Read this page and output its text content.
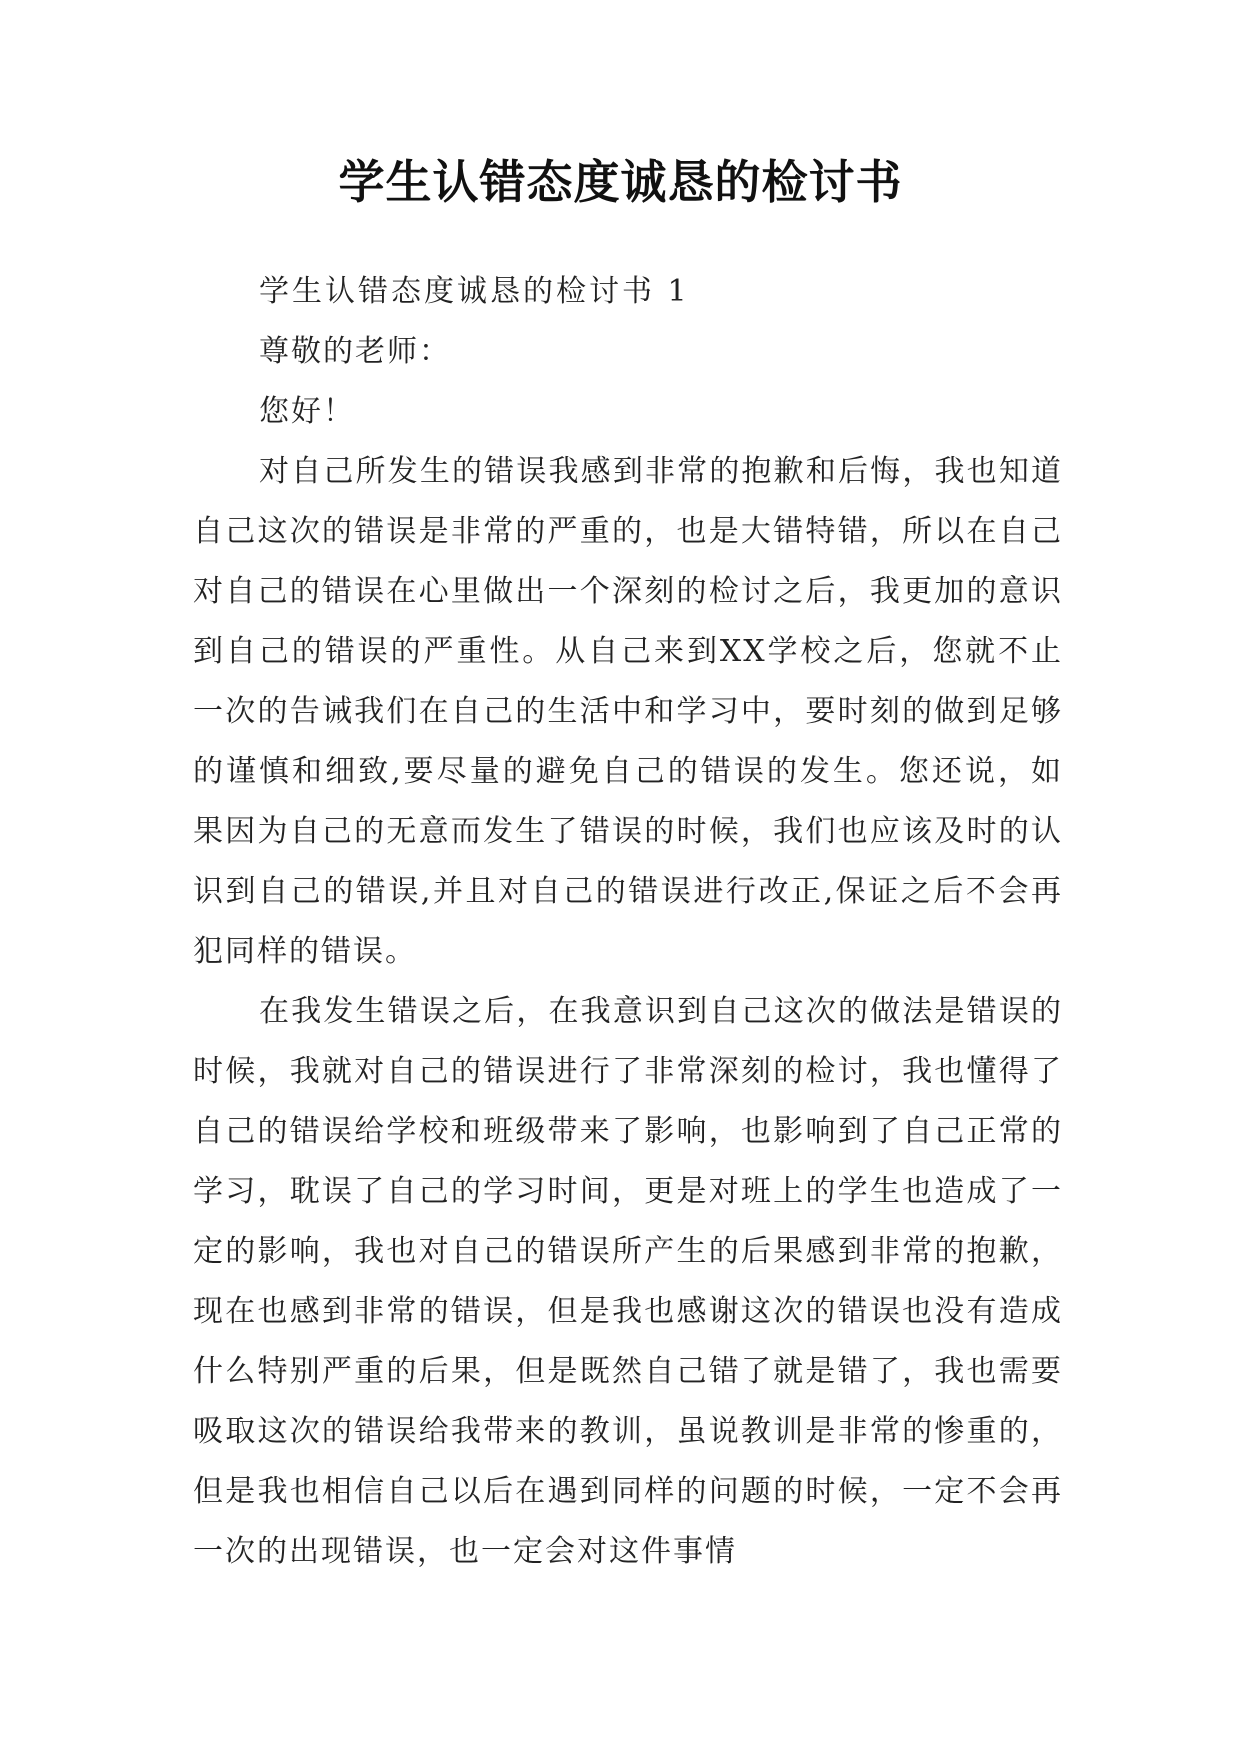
学生认错态度诚恳的检讨书

学生认错态度诚恳的检讨书 1

尊敬的老师：

您好！

对自己所发生的错误我感到非常的抱歉和后悔，我也知道自己这次的错误是非常的严重的，也是大错特错，所以在自己对自己的错误在心里做出一个深刻的检讨之后，我更加的意识到自己的错误的严重性。从自己来到XX学校之后，您就不止一次的告诫我们在自己的生活中和学习中，要时刻的做到足够的谨慎和细致,要尽量的避免自己的错误的发生。您还说，如果因为自己的无意而发生了错误的时候，我们也应该及时的认识到自己的错误,并且对自己的错误进行改正,保证之后不会再犯同样的错误。

在我发生错误之后，在我意识到自己这次的做法是错误的时候，我就对自己的错误进行了非常深刻的检讨，我也懂得了自己的错误给学校和班级带来了影响，也影响到了自己正常的学习，耽误了自己的学习时间，更是对班上的学生也造成了一定的影响，我也对自己的错误所产生的后果感到非常的抱歉，现在也感到非常的错误，但是我也感谢这次的错误也没有造成什么特别严重的后果，但是既然自己错了就是错了，我也需要吸取这次的错误给我带来的教训，虽说教训是非常的惨重的，但是我也相信自己以后在遇到同样的问题的时候，一定不会再一次的出现错误，也一定会对这件事情
